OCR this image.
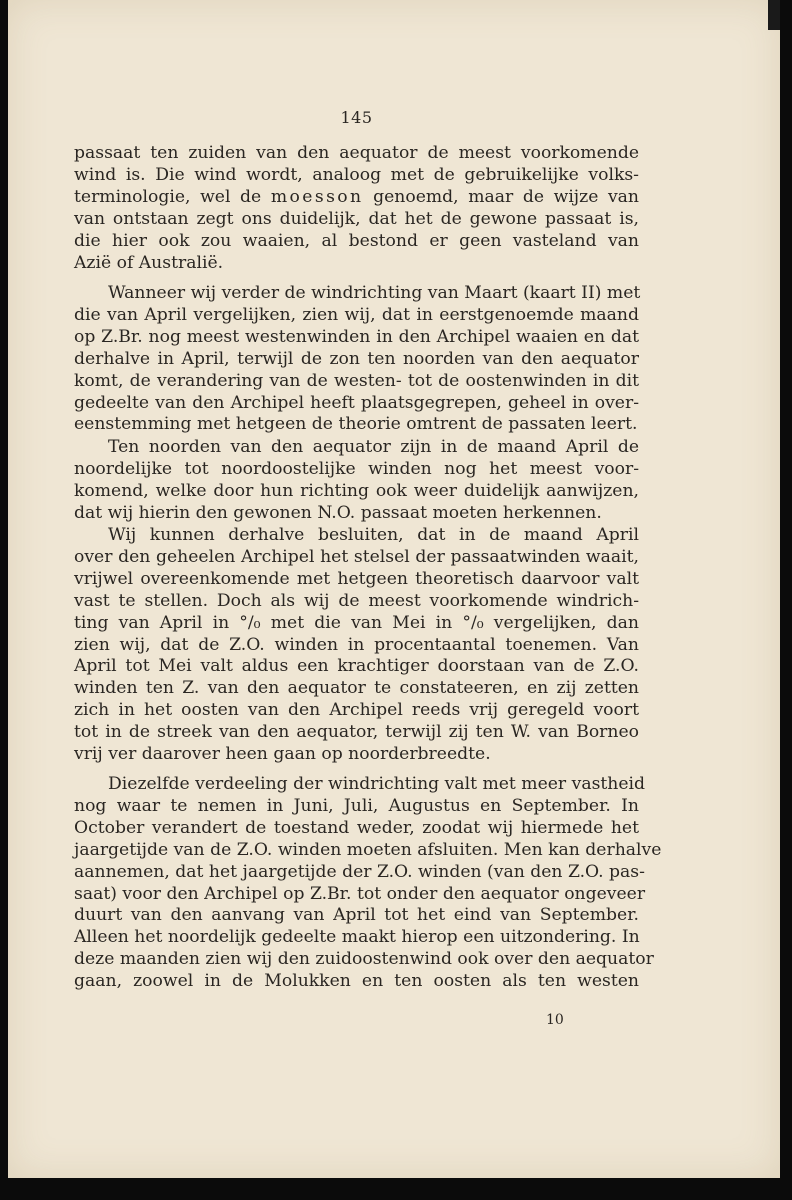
145

passaat ten zuiden van den aequator de meest voorkomende
wind is. Die wind wordt, analoog met de gebruikelijke volks-
terminologie, wel de moesson genoemd, maar de wijze van
van ontstaan zegt ons duidelijk, dat het de gewone passaat is,
die hier ook zou waaien, al bestond er geen vasteland van
Azië of Australië.

Wanneer wij verder de windrichting van Maart (kaart II) met
die van April vergelijken, zien wij, dat in eerstgenoemde maand
op Z.Br. nog meest westenwinden in den Archipel waaien en dat
derhalve in April, terwijl de zon ten noorden van den aequator
komt, de verandering van de westen- tot de oostenwinden in dit
gedeelte van den Archipel heeft plaatsgegrepen, geheel in over-
eenstemming met hetgeen de theorie omtrent de passaten leert.

Ten noorden van den aequator zijn in de maand April de
noordelijke tot noordoostelijke winden nog het meest voor-
komend, welke door hun richting ook weer duidelijk aanwijzen,
dat wij hierin den gewonen N.O. passaat moeten herkennen.

Wij kunnen derhalve besluiten, dat in de maand April
over den geheelen Archipel het stelsel der passaatwinden waait,
vrijwel overeenkomende met hetgeen theoretisch daarvoor valt
vast te stellen. Doch als wij de meest voorkomende windrich-
ting van April in °/₀ met die van Mei in °/₀ vergelijken, dan
zien wij, dat de Z.O. winden in procentaantal toenemen. Van
April tot Mei valt aldus een krachtiger doorstaan van de Z.O.
winden ten Z. van den aequator te constateeren, en zij zetten
zich in het oosten van den Archipel reeds vrij geregeld voort
tot in de streek van den aequator, terwijl zij ten W. van Borneo
vrij ver daarover heen gaan op noorderbreedte.

Diezelfde verdeeling der windrichting valt met meer vastheid
nog waar te nemen in Juni, Juli, Augustus en September. In
October verandert de toestand weder, zoodat wij hiermede het
jaargetijde van de Z.O. winden moeten afsluiten. Men kan derhalve
aannemen, dat het jaargetijde der Z.O. winden (van den Z.O. pas-
saat) voor den Archipel op Z.Br. tot onder den aequator ongeveer
duurt van den aanvang van April tot het eind van September.
Alleen het noordelijk gedeelte maakt hierop een uitzondering. In
deze maanden zien wij den zuidoostenwind ook over den aequator
gaan, zoowel in de Molukken en ten oosten als ten westen

10
